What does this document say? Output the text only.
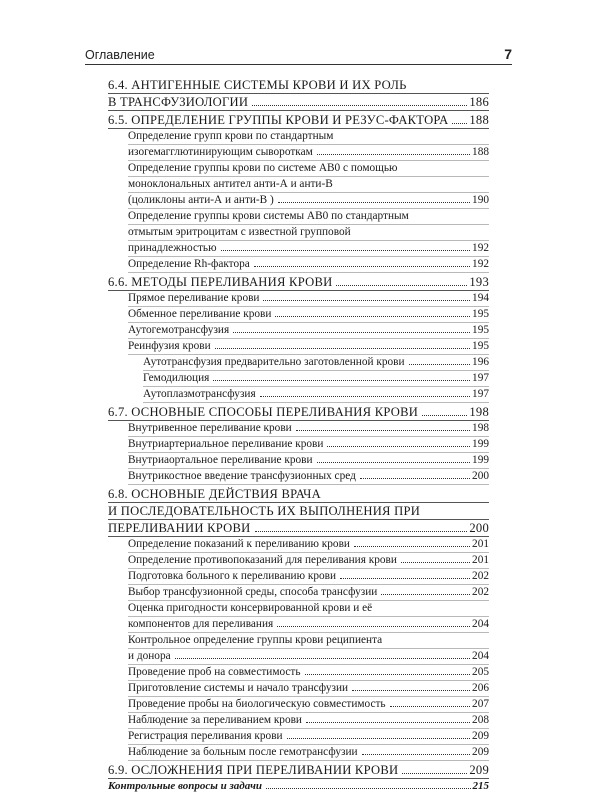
Оглавление	7
6.4. АНТИГЕННЫЕ СИСТЕМЫ КРОВИ И ИХ РОЛЬ
В ТРАНСФУЗИОЛОГИИ	186
6.5. ОПРЕДЕЛЕНИЕ ГРУППЫ КРОВИ И РЕЗУС-ФАКТОРА 188
Определение групп крови по стандартным
изогемагглютинирующим сывороткам	188
Определение группы крови по системе АВ0 с помощью
моноклональных антител анти-А и анти-В
(цоликлоны анти-А и анти-В )	190
Определение группы крови системы АВ0 по стандартным
отмытым эритроцитам с известной групповой
принадлежностью	192
Определение Rh-фактора	192
6.6. МЕТОДЫ ПЕРЕЛИВАНИЯ КРОВИ	193
Прямое переливание крови	194
Обменное переливание крови	195
Аутогемотрансфузия	195
Реинфузия крови	195
Аутотрансфузия предварительно заготовленной крови	196
Гемодилюция	197
Аутоплазмотрансфузия	197
6.7. ОСНОВНЫЕ СПОСОБЫ ПЕРЕЛИВАНИЯ КРОВИ	198
Внутривенное переливание крови	198
Внутриартериальное переливание крови	199
Внутриаортальное переливание крови	199
Внутрикостное введение трансфузионных сред	200
6.8. ОСНОВНЫЕ ДЕЙСТВИЯ ВРАЧА
И ПОСЛЕДОВАТЕЛЬНОСТЬ ИХ ВЫПОЛНЕНИЯ ПРИ
ПЕРЕЛИВАНИИ КРОВИ	200
Определение показаний к переливанию крови	201
Определение противопоказаний для переливания крови	201
Подготовка больного к переливанию крови	202
Выбор трансфузионной среды, способа трансфузии	202
Оценка пригодности консервированной крови и её
компонентов для переливания	204
Контрольное определение группы крови реципиента
и донора	204
Проведение проб на совместимость	205
Приготовление системы и начало трансфузии	206
Проведение пробы на биологическую совместимость	207
Наблюдение за переливанием крови	208
Регистрация переливания крови	209
Наблюдение за больным после гемотрансфузии	209
6.9. ОСЛОЖНЕНИЯ ПРИ ПЕРЕЛИВАНИИ КРОВИ	209
Контрольные вопросы и задачи	215
